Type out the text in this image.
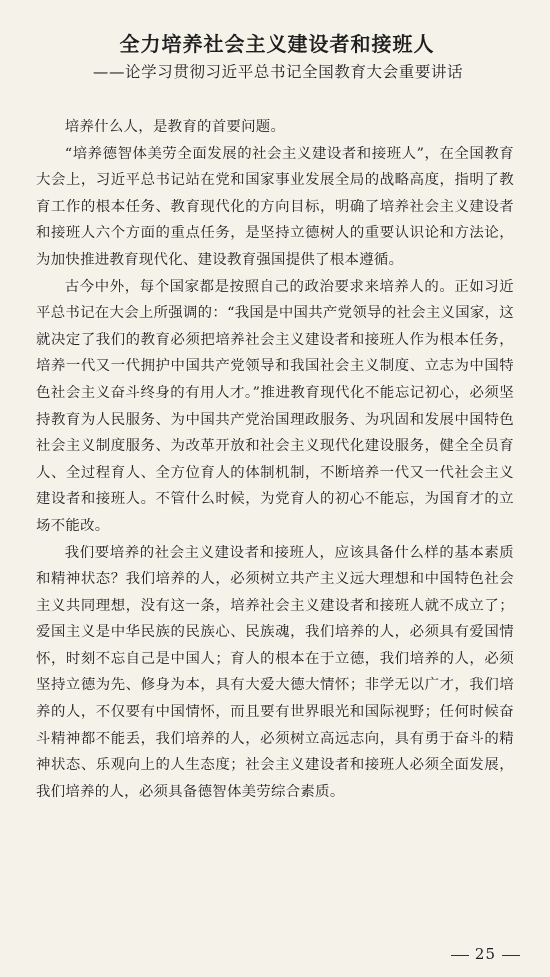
全力培养社会主义建设者和接班人
——论学习贯彻习近平总书记全国教育大会重要讲话

培养什么人，是教育的首要问题。

“培养德智体美劳全面发展的社会主义建设者和接班人”，在全国教育大会上，习近平总书记站在党和国家事业发展全局的战略高度，指明了教育工作的根本任务、教育现代化的方向目标，明确了培养社会主义建设者和接班人六个方面的重点任务，是坚持立德树人的重要认识论和方法论，为加快推进教育现代化、建设教育强国提供了根本遵循。

古今中外，每个国家都是按照自己的政治要求来培养人的。正如习近平总书记在大会上所强调的：“我国是中国共产党领导的社会主义国家，这就决定了我们的教育必须把培养社会主义建设者和接班人作为根本任务，培养一代又一代拥护中国共产党领导和我国社会主义制度、立志为中国特色社会主义奋斗终身的有用人才。”推进教育现代化不能忘记初心，必须坚持教育为人民服务、为中国共产党治国理政服务、为巩固和发展中国特色社会主义制度服务、为改革开放和社会主义现代化建设服务，健全全员育人、全过程育人、全方位育人的体制机制，不断培养一代又一代社会主义建设者和接班人。不管什么时候，为党育人的初心不能忘，为国育才的立场不能改。

我们要培养的社会主义建设者和接班人，应该具备什么样的基本素质和精神状态？我们培养的人，必须树立共产主义远大理想和中国特色社会主义共同理想，没有这一条，培养社会主义建设者和接班人就不成立了；爱国主义是中华民族的民族心、民族魂，我们培养的人，必须具有爱国情怀，时刻不忘自己是中国人；育人的根本在于立德，我们培养的人，必须坚持立德为先、修身为本，具有大爱大德大情怀；非学无以广才，我们培养的人，不仅要有中国情怀，而且要有世界眼光和国际视野；任何时候奋斗精神都不能丢，我们培养的人，必须树立高远志向，具有勇于奋斗的精神状态、乐观向上的人生态度；社会主义建设者和接班人必须全面发展，我们培养的人，必须具备德智体美劳综合素质。

25
